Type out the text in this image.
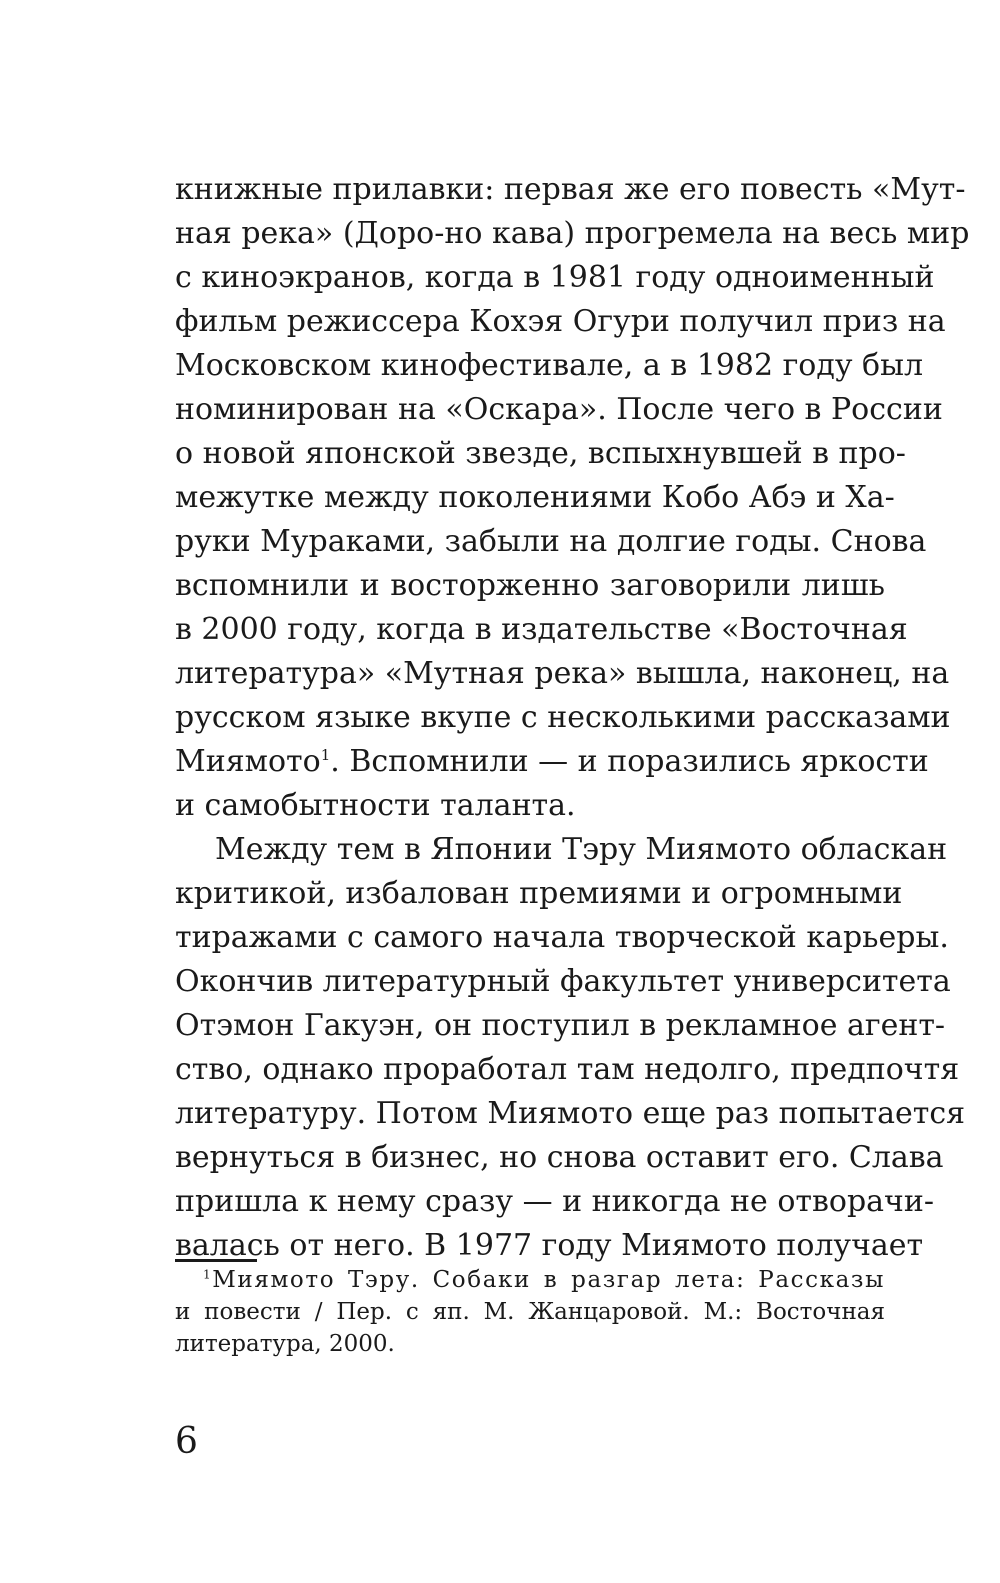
книжные прилавки: первая же его повесть «Мут-
ная река» (Доро-но кава) прогремела на весь мир
с киноэкранов, когда в 1981 году одноименный
фильм режиссера Кохэя Огури получил приз на
Московском кинофестивале, а в 1982 году был
номинирован на «Оскара». После чего в России
о новой японской звезде, вспыхнувшей в про-
межутке между поколениями Кобо Абэ и Ха-
руки Мураками, забыли на долгие годы. Снова
вспомнили и восторженно заговорили лишь
в 2000 году, когда в издательстве «Восточная
литература» «Мутная река» вышла, наконец, на
русском языке вкупе с несколькими рассказами
Миямото$^1$. Вспомнили — и поразились яркости
и самобытности таланта.
Между тем в Японии Тэру Миямото обласкан
критикой, избалован премиями и огромными
тиражами с самого начала творческой карьеры.
Окончив литературный факультет университета
Отэмон Гакуэн, он поступил в рекламное агент-
ство, однако проработал там недолго, предпочтя
литературу. Потом Миямото еще раз попытается
вернуться в бизнес, но снова оставит его. Слава
пришла к нему сразу — и никогда не отворачи-
валась от него. В 1977 году Миямото получает
$^1$Миямото Тэру. Собаки в разгар лета: Рассказы
и повести / Пер. с яп. М. Жанцаровой. М.: Восточная
литература, 2000.
6
